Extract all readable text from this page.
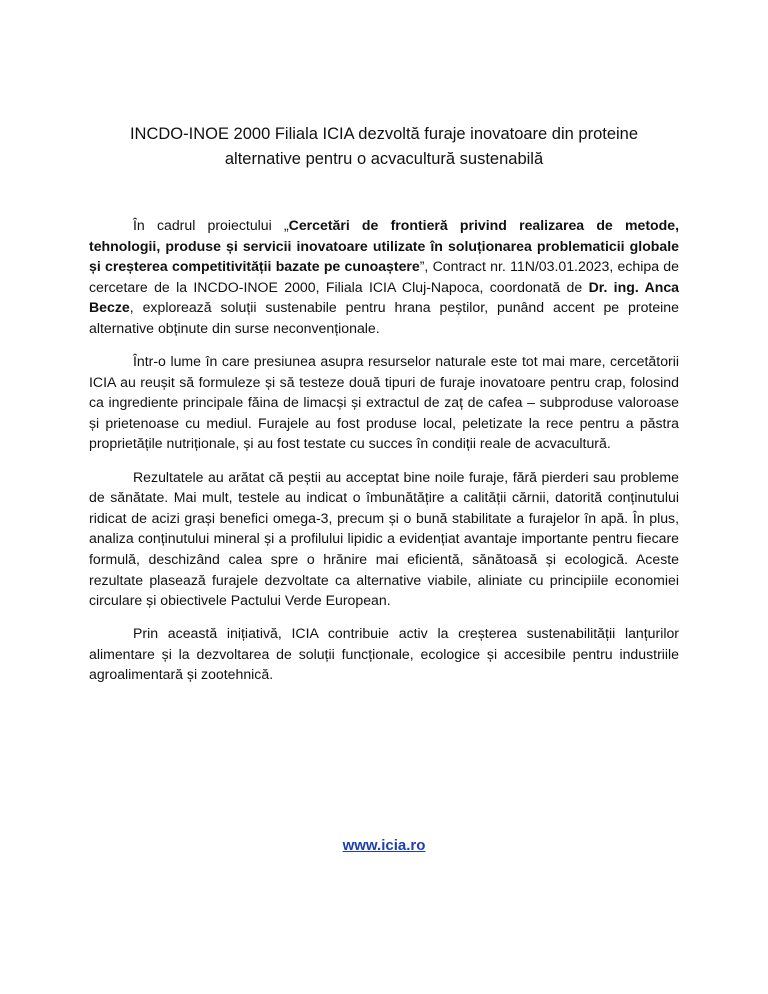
INCDO-INOE 2000 Filiala ICIA dezvoltă furaje inovatoare din proteine
alternative pentru o acvacultură sustenabilă

În cadrul proiectului „Cercetări de frontieră privind realizarea de metode, tehnologii, produse și servicii inovatoare utilizate în soluționarea problematicii globale și creșterea competitivității bazate pe cunoaștere”, Contract nr. 11N/03.01.2023, echipa de cercetare de la INCDO-INOE 2000, Filiala ICIA Cluj-Napoca, coordonată de Dr. ing. Anca Becze, explorează soluții sustenabile pentru hrana peștilor, punând accent pe proteine alternative obținute din surse neconvenționale.

Într-o lume în care presiunea asupra resurselor naturale este tot mai mare, cercetătorii ICIA au reușit să formuleze și să testeze două tipuri de furaje inovatoare pentru crap, folosind ca ingrediente principale făina de limacși și extractul de zaț de cafea – subproduse valoroase și prietenoase cu mediul. Furajele au fost produse local, peletizate la rece pentru a păstra proprietățile nutriționale, și au fost testate cu succes în condiții reale de acvacultură.

Rezultatele au arătat că peștii au acceptat bine noile furaje, fără pierderi sau probleme de sănătate. Mai mult, testele au indicat o îmbunătățire a calității cărnii, datorită conținutului ridicat de acizi grași benefici omega-3, precum și o bună stabilitate a furajelor în apă. În plus, analiza conținutului mineral și a profilului lipidic a evidențiat avantaje importante pentru fiecare formulă, deschizând calea spre o hrănire mai eficientă, sănătoasă și ecologică. Aceste rezultate plasează furajele dezvoltate ca alternative viabile, aliniate cu principiile economiei circulare și obiectivele Pactului Verde European.

Prin această inițiativă, ICIA contribuie activ la creșterea sustenabilității lanțurilor alimentare și la dezvoltarea de soluții funcționale, ecologice și accesibile pentru industriile agroalimentară și zootehnică.

www.icia.ro
